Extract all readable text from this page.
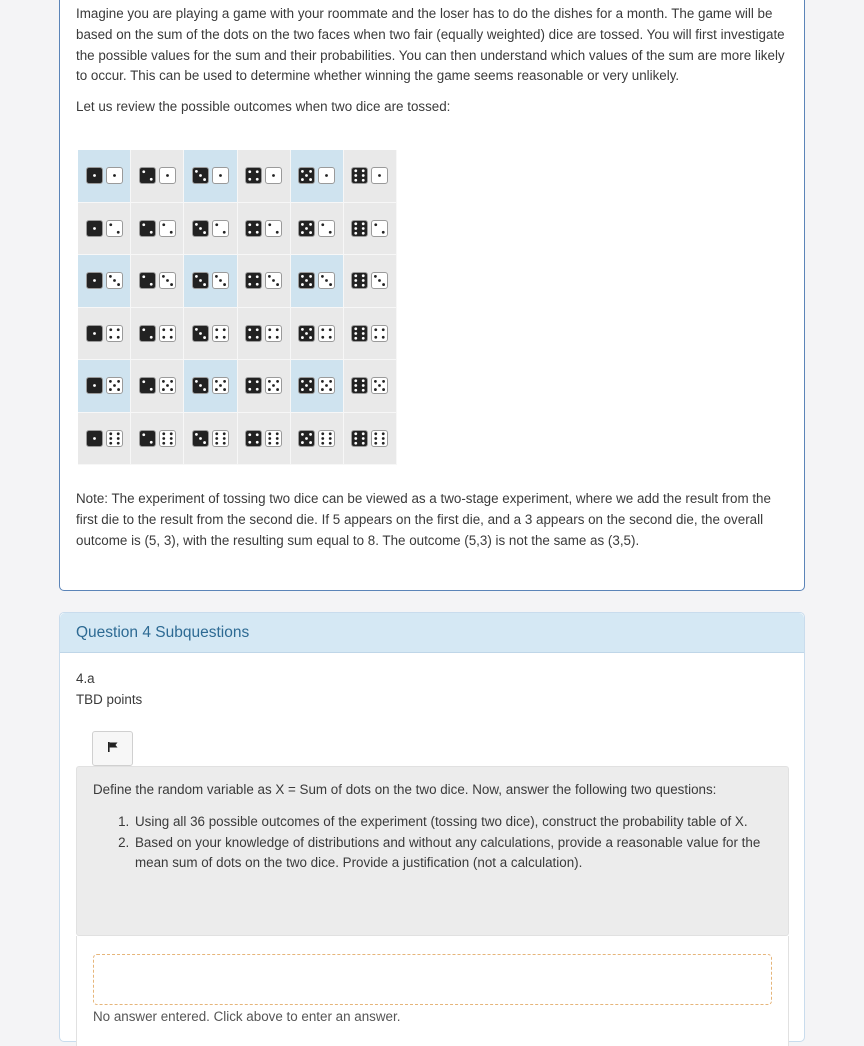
Imagine you are playing a game with your roommate and the loser has to do the dishes for a month. The game will be based on the sum of the dots on the two faces when two fair (equally weighted) dice are tossed. You will first investigate the possible values for the sum and their probabilities. You can then understand which values of the sum are more likely to occur. This can be used to determine whether winning the game seems reasonable or very unlikely.

Let us review the possible outcomes when two dice are tossed:

Note: The experiment of tossing two dice can be viewed as a two-stage experiment, where we add the result from the first die to the result from the second die. If 5 appears on the first die, and a 3 appears on the second die, the overall outcome is (5, 3), with the resulting sum equal to 8. The outcome (5,3) is not the same as (3,5).

Question 4 Subquestions
4.a
TBD points

Define the random variable as X = Sum of dots on the two dice. Now, answer the following two questions:

1. Using all 36 possible outcomes of the experiment (tossing two dice), construct the probability table of X.
2. Based on your knowledge of distributions and without any calculations, provide a reasonable value for the mean sum of dots on the two dice. Provide a justification (not a calculation).
No answer entered. Click above to enter an answer.
